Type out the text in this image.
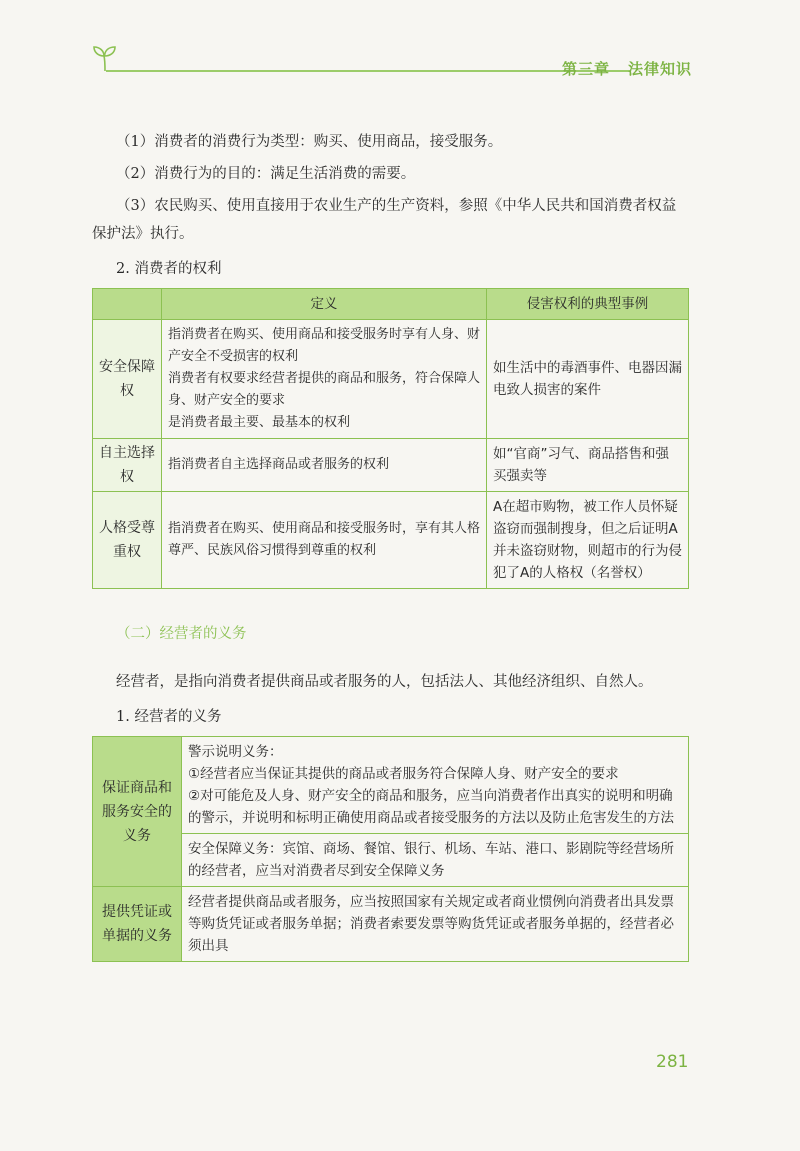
第三章 法律知识
（1）消费者的消费行为类型：购买、使用商品，接受服务。
（2）消费行为的目的：满足生活消费的需要。
（3）农民购买、使用直接用于农业生产的生产资料，参照《中华人民共和国消费者权益保护法》执行。
2. 消费者的权利
	定义	侵害权利的典型事例
安全保障权	指消费者在购买、使用商品和接受服务时享有人身、财产安全不受损害的权利
消费者有权要求经营者提供的商品和服务，符合保障人身、财产安全的要求
是消费者最主要、最基本的权利	如生活中的毒酒事件、电器因漏电致人损害的案件
自主选择权	指消费者自主选择商品或者服务的权利	如“官商”习气、商品搭售和强买强卖等
人格受尊重权	指消费者在购买、使用商品和接受服务时，享有其人格尊严、民族风俗习惯得到尊重的权利	A在超市购物，被工作人员怀疑盗窃而强制搜身，但之后证明A并未盗窃财物，则超市的行为侵犯了A的人格权（名誉权）
（二）经营者的义务
经营者，是指向消费者提供商品或者服务的人，包括法人、其他经济组织、自然人。
1. 经营者的义务
保证商品和服务安全的义务	警示说明义务：
①经营者应当保证其提供的商品或者服务符合保障人身、财产安全的要求
②对可能危及人身、财产安全的商品和服务，应当向消费者作出真实的说明和明确的警示，并说明和标明正确使用商品或者接受服务的方法以及防止危害发生的方法

	安全保障义务：宾馆、商场、餐馆、银行、机场、车站、港口、影剧院等经营场所的经营者，应当对消费者尽到安全保障义务
提供凭证或单据的义务	经营者提供商品或者服务，应当按照国家有关规定或者商业惯例向消费者出具发票等购货凭证或者服务单据；消费者索要发票等购货凭证或者服务单据的，经营者必须出具
281
